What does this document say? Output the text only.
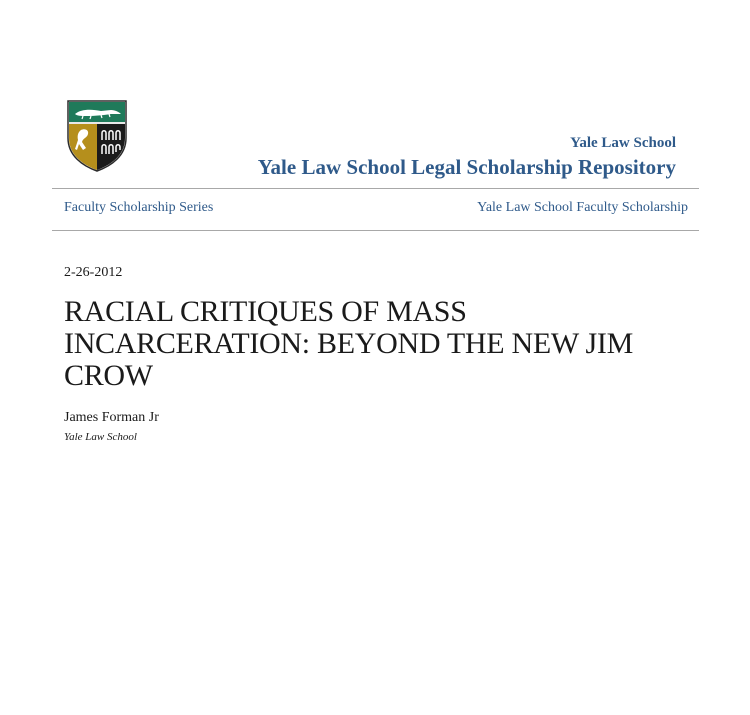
Yale Law School
Yale Law School Legal Scholarship Repository
Faculty Scholarship Series	Yale Law School Faculty Scholarship
2-26-2012
RACIAL CRITIQUES OF MASS INCARCERATION: BEYOND THE NEW JIM CROW
James Forman Jr
Yale Law School
